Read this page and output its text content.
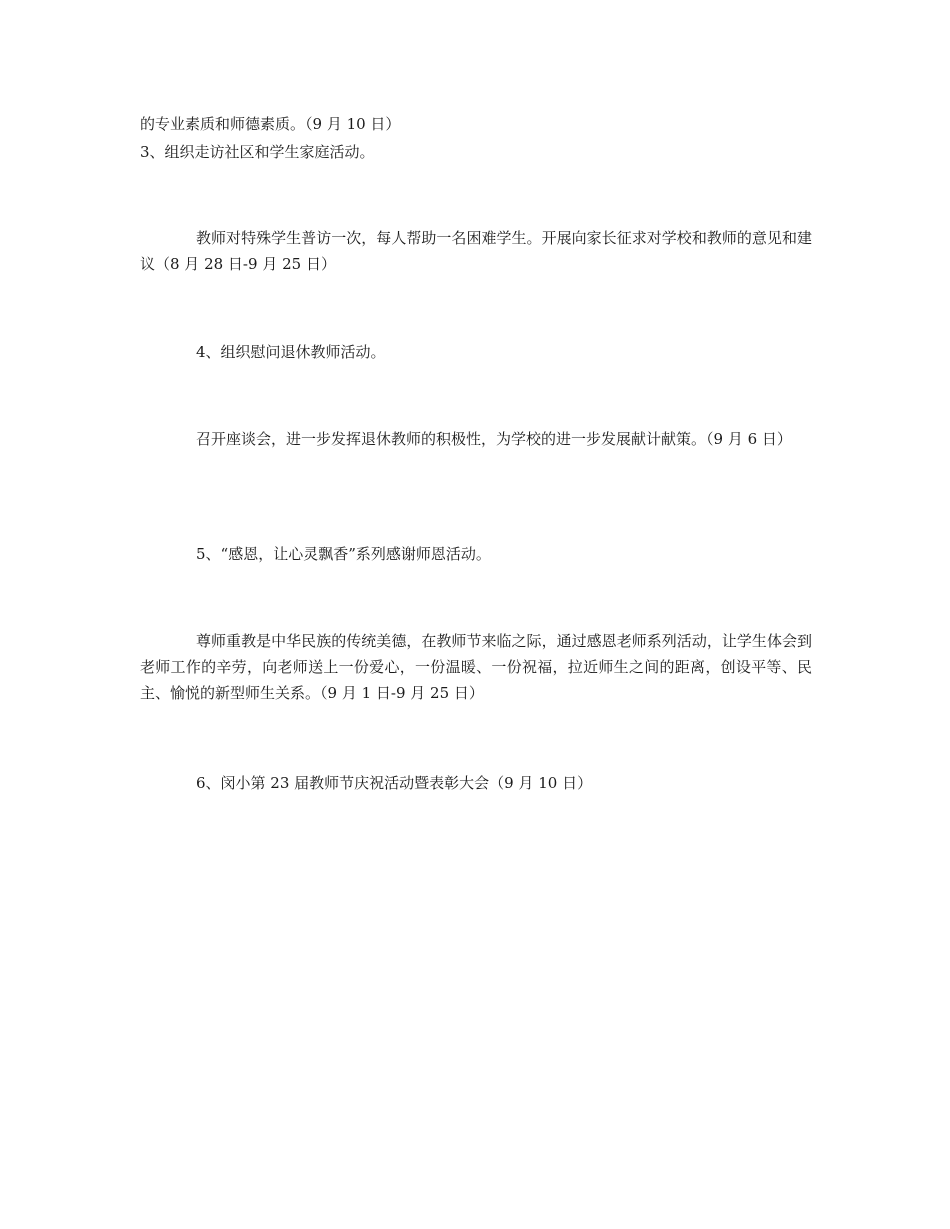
的专业素质和师德素质。（9 月 10 日）
3、组织走访社区和学生家庭活动。
教师对特殊学生普访一次，每人帮助一名困难学生。开展向家长征求对学校和教师的意见和建议（8 月 28 日-9 月 25 日）
4、组织慰问退休教师活动。
召开座谈会，进一步发挥退休教师的积极性，为学校的进一步发展献计献策。（9 月 6 日）
5、“感恩，让心灵飘香”系列感谢师恩活动。
尊师重教是中华民族的传统美德，在教师节来临之际，通过感恩老师系列活动，让学生体会到老师工作的辛劳，向老师送上一份爱心，一份温暖、一份祝福，拉近师生之间的距离，创设平等、民主、愉悦的新型师生关系。（9 月 1 日-9 月 25 日）
6、闵小第 23 届教师节庆祝活动暨表彰大会（9 月 10 日）
